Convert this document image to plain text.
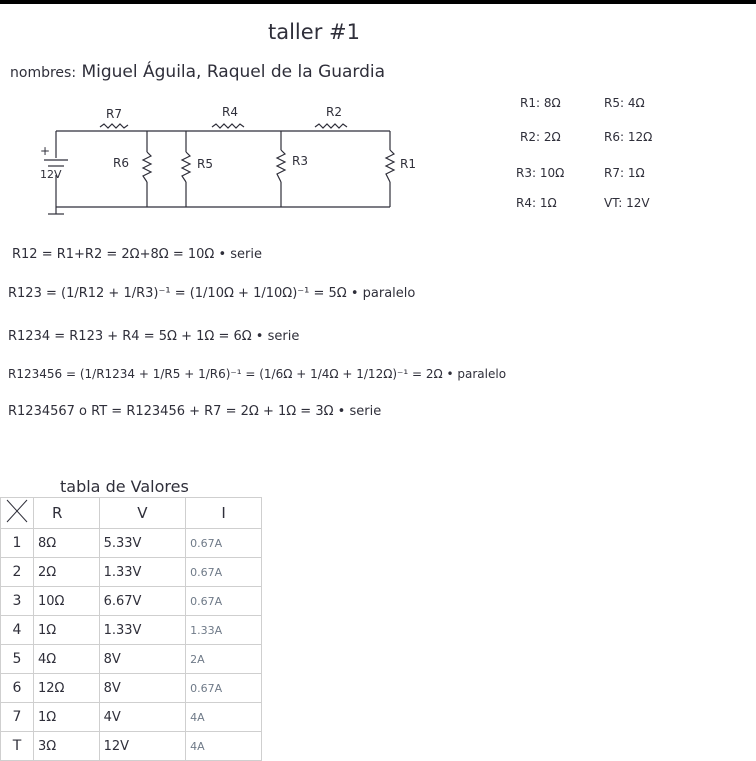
taller #1
nombres: Miguel Águila, Raquel de la Guardia
+
12V
R7	R4	R2
R6	R5	R3	R1
R1: 8Ω	R5: 4Ω
R2: 2Ω	R6: 12Ω
R3: 10Ω	R7: 1Ω
R4: 1Ω	VT: 12V
R12 = R1+R2 = 2Ω+8Ω = 10Ω • serie
R123 = (1/R12 + 1/R3)⁻¹ = (1/10Ω + 1/10Ω)⁻¹ = 5Ω • paralelo
R1234 = R123 + R4 = 5Ω + 1Ω = 6Ω • serie
R123456 = (1/R1234 + 1/R5 + 1/R6)⁻¹ = (1/6Ω + 1/4Ω + 1/12Ω)⁻¹ = 2Ω • paralelo
R1234567 o RT = R123456 + R7 = 2Ω + 1Ω = 3Ω • serie
tabla de Valores
	R	V	I
1	8Ω	5.33V	0.67A
2	2Ω	1.33V	0.67A
3	10Ω	6.67V	0.67A
4	1Ω	1.33V	1.33A
5	4Ω	8V	2A
6	12Ω	8V	0.67A
7	1Ω	4V	4A
T	3Ω	12V	4A
